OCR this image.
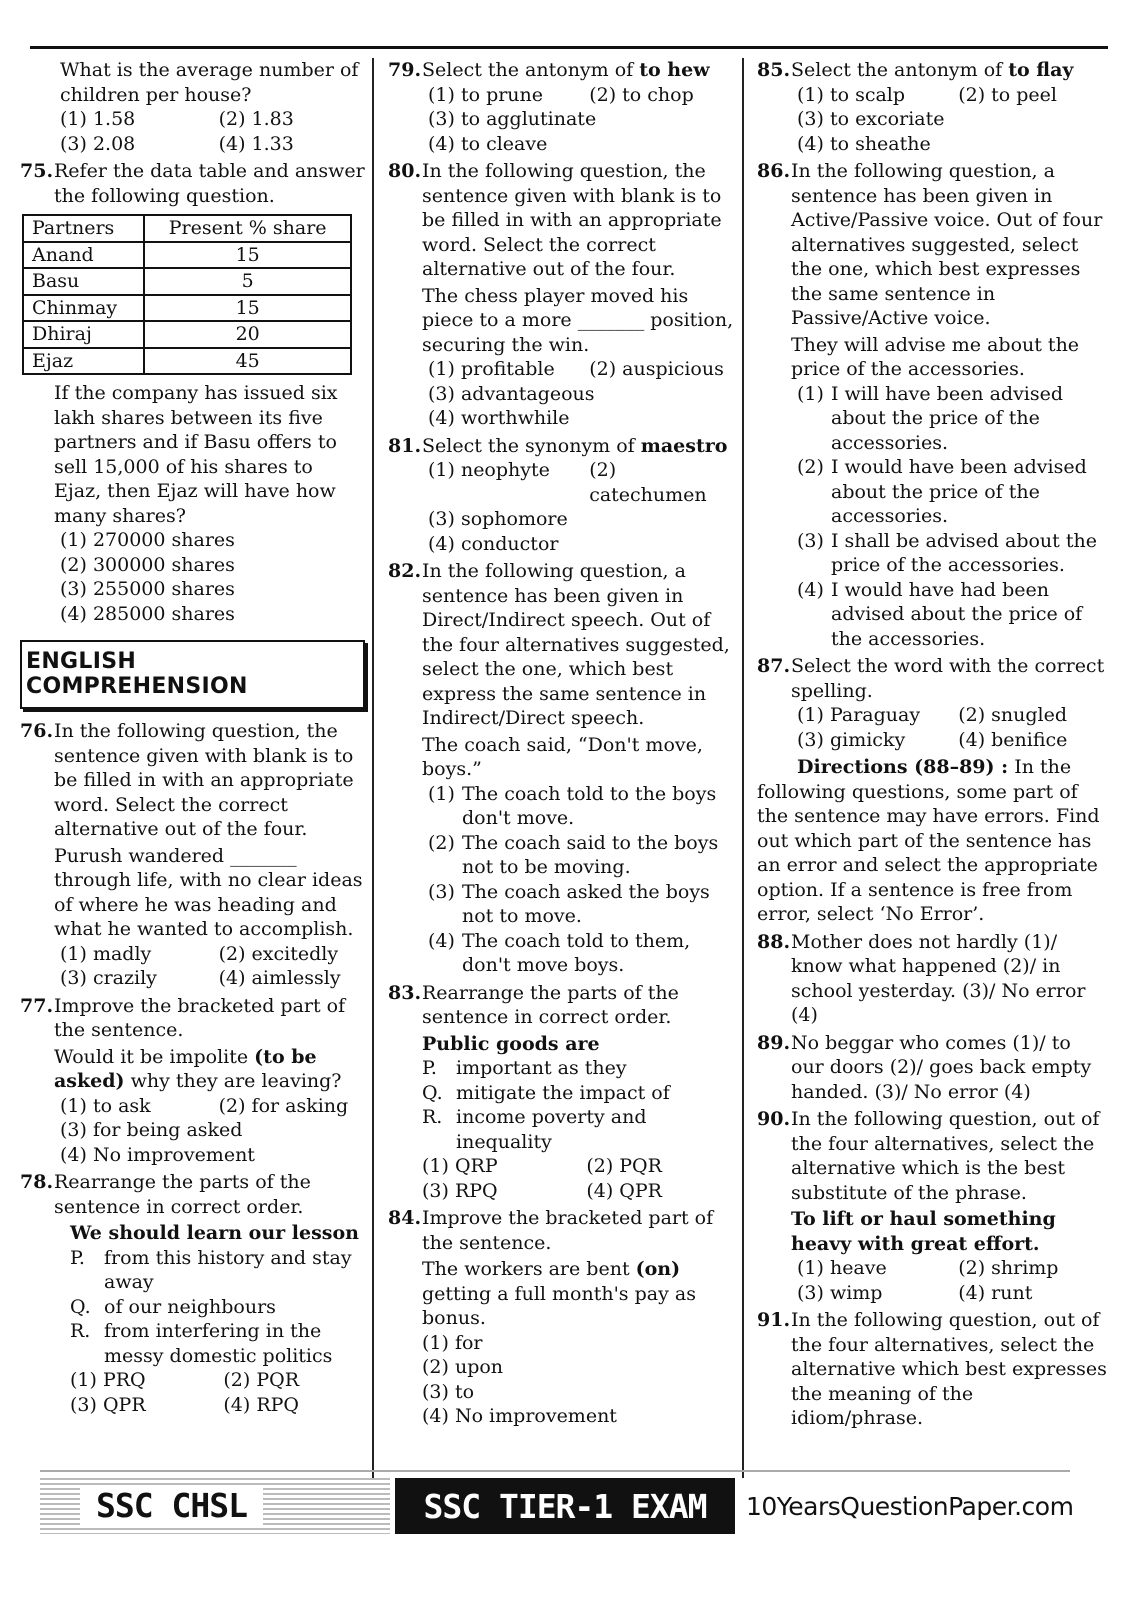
What is the average number of children per house?
(1) 1.58	(2) 1.83
(3) 2.08	(4) 1.33
75. Refer the data table and answer the following question.
Partners	Present % share
Anand	15
Basu	5
Chinmay	15
Dhiraj	20
Ejaz	45
If the company has issued six lakh shares between its five partners and if Basu offers to sell 15,000 of his shares to Ejaz, then Ejaz will have how many shares?
(1) 270000 shares
(2) 300000 shares
(3) 255000 shares
(4) 285000 shares
ENGLISH COMPREHENSION
76. In the following question, the sentence given with blank is to be filled in with an appropriate word. Select the correct alternative out of the four.
Purush wandered _______ through life, with no clear ideas of where he was heading and what he wanted to accomplish.
(1) madly	(2) excitedly
(3) crazily	(4) aimlessly
77. Improve the bracketed part of the sentence.
Would it be impolite (to be asked) why they are leaving?
(1) to ask	(2) for asking
(3) for being asked
(4) No improvement
78. Rearrange the parts of the sentence in correct order.
We should learn our lesson
P.	from this history and stay away
Q. of our neighbours
R. from interfering in the messy domestic politics
(1) PRQ	(2) PQR
(3) QPR	(4) RPQ
79. Select the antonym of to hew
(1) to prune	(2) to chop
(3) to agglutinate
(4) to cleave
80. In the following question, the sentence given with blank is to be filled in with an appropriate word. Select the correct alternative out of the four.
The chess player moved his piece to a more _______ position, securing the win.
(1) profitable	(2) auspicious
(3) advantageous
(4) worthwhile
81. Select the synonym of maestro
(1) neophyte	(2) catechumen
(3) sophomore
(4) conductor
82. In the following question, a sentence has been given in Direct/Indirect speech. Out of the four alternatives suggested, select the one, which best express the same sentence in Indirect/Direct speech.
The coach said, “Don't move, boys.”
(1) The coach told to the boys don't move.
(2) The coach said to the boys not to be moving.
(3) The coach asked the boys not to move.
(4) The coach told to them, don't move boys.
83. Rearrange the parts of the sentence in correct order.
Public goods are
P.	important as they
Q. mitigate the impact of
R. income poverty and inequality
(1) QRP	(2) PQR
(3) RPQ	(4) QPR
84. Improve the bracketed part of the sentence.
The workers are bent (on) getting a full month's pay as bonus.
(1) for
(2) upon
(3) to
(4) No improvement
85. Select the antonym of to flay
(1) to scalp	(2) to peel
(3) to excoriate
(4) to sheathe
86. In the following question, a sentence has been given in Active/Passive voice. Out of four alternatives suggested, select the one, which best expresses the same sentence in Passive/Active voice.
They will advise me about the price of the accessories.
(1) I will have been advised about the price of the accessories.
(2) I would have been advised about the price of the accessories.
(3) I shall be advised about the price of the accessories.
(4) I would have had been advised about the price of the accessories.
87. Select the word with the correct spelling.
(1) Paraguay	(2) snugled
(3) gimicky	(4) benifice
Directions (88–89) : In the following questions, some part of the sentence may have errors. Find out which part of the sentence has an error and select the appropriate option. If a sentence is free from error, select ‘No Error’.
88. Mother does not hardly (1)/ know what happened (2)/ in school yesterday. (3)/ No error (4)
89. No beggar who comes (1)/ to our doors (2)/ goes back empty handed. (3)/ No error (4)
90. In the following question, out of the four alternatives, select the alternative which is the best substitute of the phrase.
To lift or haul something heavy with great effort.
(1) heave	(2) shrimp
(3) wimp	(4) runt
91. In the following question, out of the four alternatives, select the alternative which best expresses the meaning of the idiom/phrase.
SSC CHSL	SSC TIER-1 EXAM	10YearsQuestionPaper.com
